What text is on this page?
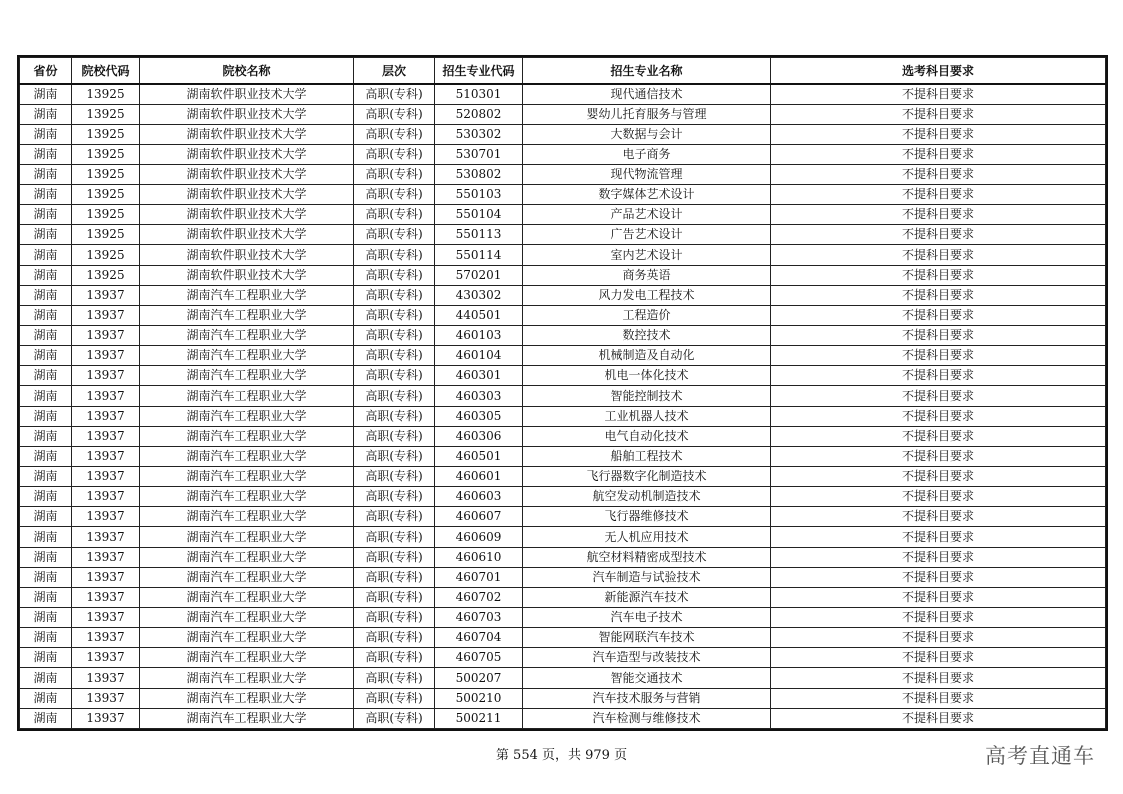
省份	院校代码	院校名称	层次	招生专业代码	招生专业名称	选考科目要求
湖南	13925	湖南软件职业技术大学	高职(专科)	510301	现代通信技术	不提科目要求
湖南	13925	湖南软件职业技术大学	高职(专科)	520802	婴幼儿托育服务与管理	不提科目要求
湖南	13925	湖南软件职业技术大学	高职(专科)	530302	大数据与会计	不提科目要求
湖南	13925	湖南软件职业技术大学	高职(专科)	530701	电子商务	不提科目要求
湖南	13925	湖南软件职业技术大学	高职(专科)	530802	现代物流管理	不提科目要求
湖南	13925	湖南软件职业技术大学	高职(专科)	550103	数字媒体艺术设计	不提科目要求
湖南	13925	湖南软件职业技术大学	高职(专科)	550104	产品艺术设计	不提科目要求
湖南	13925	湖南软件职业技术大学	高职(专科)	550113	广告艺术设计	不提科目要求
湖南	13925	湖南软件职业技术大学	高职(专科)	550114	室内艺术设计	不提科目要求
湖南	13925	湖南软件职业技术大学	高职(专科)	570201	商务英语	不提科目要求
湖南	13937	湖南汽车工程职业大学	高职(专科)	430302	风力发电工程技术	不提科目要求
湖南	13937	湖南汽车工程职业大学	高职(专科)	440501	工程造价	不提科目要求
湖南	13937	湖南汽车工程职业大学	高职(专科)	460103	数控技术	不提科目要求
湖南	13937	湖南汽车工程职业大学	高职(专科)	460104	机械制造及自动化	不提科目要求
湖南	13937	湖南汽车工程职业大学	高职(专科)	460301	机电一体化技术	不提科目要求
湖南	13937	湖南汽车工程职业大学	高职(专科)	460303	智能控制技术	不提科目要求
湖南	13937	湖南汽车工程职业大学	高职(专科)	460305	工业机器人技术	不提科目要求
湖南	13937	湖南汽车工程职业大学	高职(专科)	460306	电气自动化技术	不提科目要求
湖南	13937	湖南汽车工程职业大学	高职(专科)	460501	船舶工程技术	不提科目要求
湖南	13937	湖南汽车工程职业大学	高职(专科)	460601	飞行器数字化制造技术	不提科目要求
湖南	13937	湖南汽车工程职业大学	高职(专科)	460603	航空发动机制造技术	不提科目要求
湖南	13937	湖南汽车工程职业大学	高职(专科)	460607	飞行器维修技术	不提科目要求
湖南	13937	湖南汽车工程职业大学	高职(专科)	460609	无人机应用技术	不提科目要求
湖南	13937	湖南汽车工程职业大学	高职(专科)	460610	航空材料精密成型技术	不提科目要求
湖南	13937	湖南汽车工程职业大学	高职(专科)	460701	汽车制造与试验技术	不提科目要求
湖南	13937	湖南汽车工程职业大学	高职(专科)	460702	新能源汽车技术	不提科目要求
湖南	13937	湖南汽车工程职业大学	高职(专科)	460703	汽车电子技术	不提科目要求
湖南	13937	湖南汽车工程职业大学	高职(专科)	460704	智能网联汽车技术	不提科目要求
湖南	13937	湖南汽车工程职业大学	高职(专科)	460705	汽车造型与改装技术	不提科目要求
湖南	13937	湖南汽车工程职业大学	高职(专科)	500207	智能交通技术	不提科目要求
湖南	13937	湖南汽车工程职业大学	高职(专科)	500210	汽车技术服务与营销	不提科目要求
湖南	13937	湖南汽车工程职业大学	高职(专科)	500211	汽车检测与维修技术	不提科目要求
第 554 页，共 979 页	高考直通车
